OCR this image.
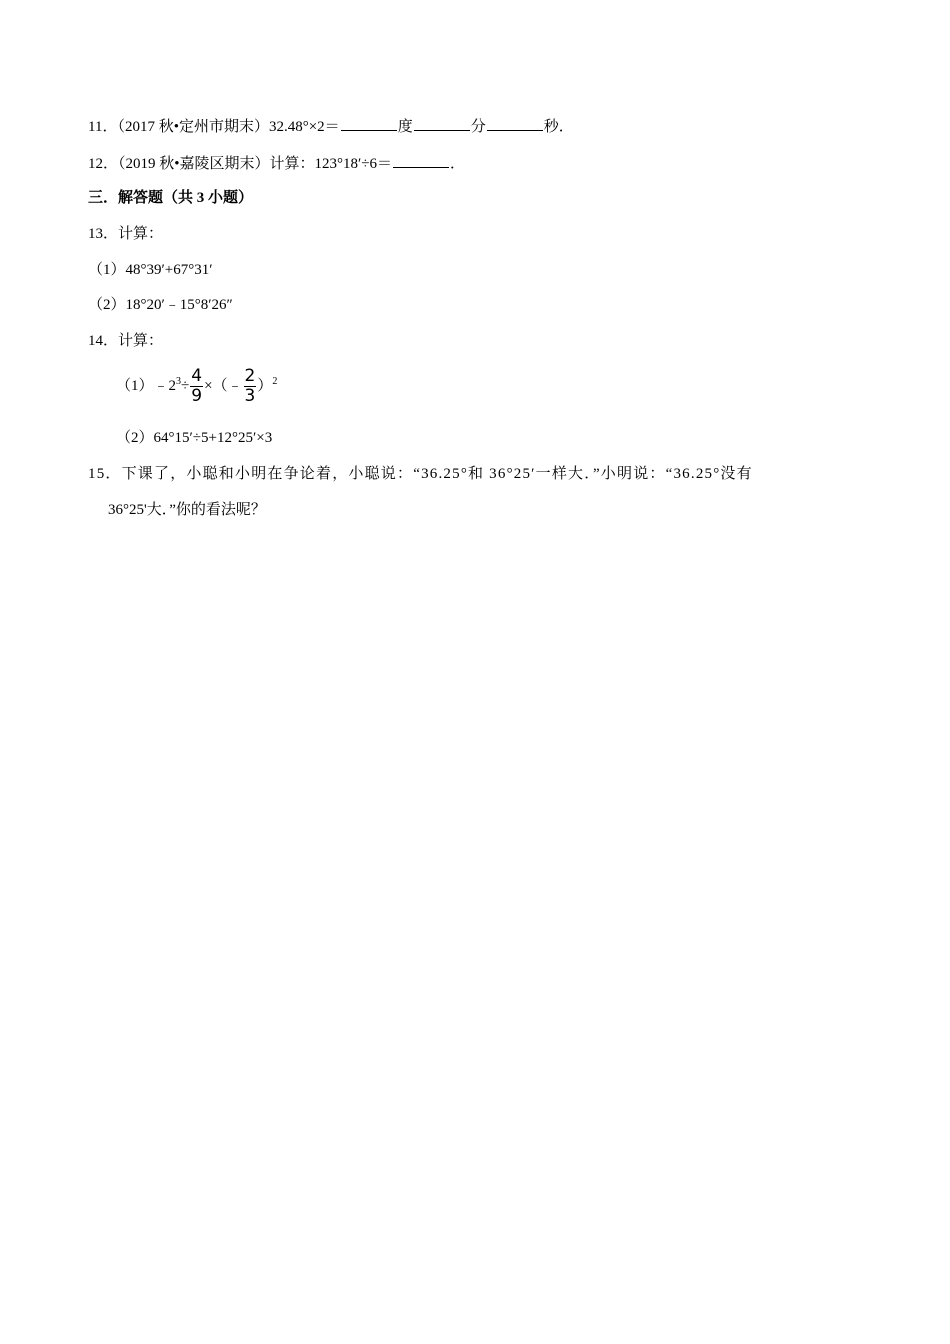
11．（2017 秋•定州市期末）32.48°×2＝	度	分	秒．
12．（2019 秋•嘉陵区期末）计算：123°18′÷6＝	．
三．解答题（共 3 小题）
13．计算：
（1）48°39′+67°31′
（2）18°20′﹣15°8′26″
14．计算：
$(1)﹣2^3\div \frac{4}{9}$ ×（﹣ $\frac{2}{3} )^2$
（2）64°15′÷5+12°25′×3
15．下课了，小聪和小明在争论着，小聪说：“36.25°和 36°25′一样大．”小明说：“36.25°没有
36°25'大．”你的看法呢？
